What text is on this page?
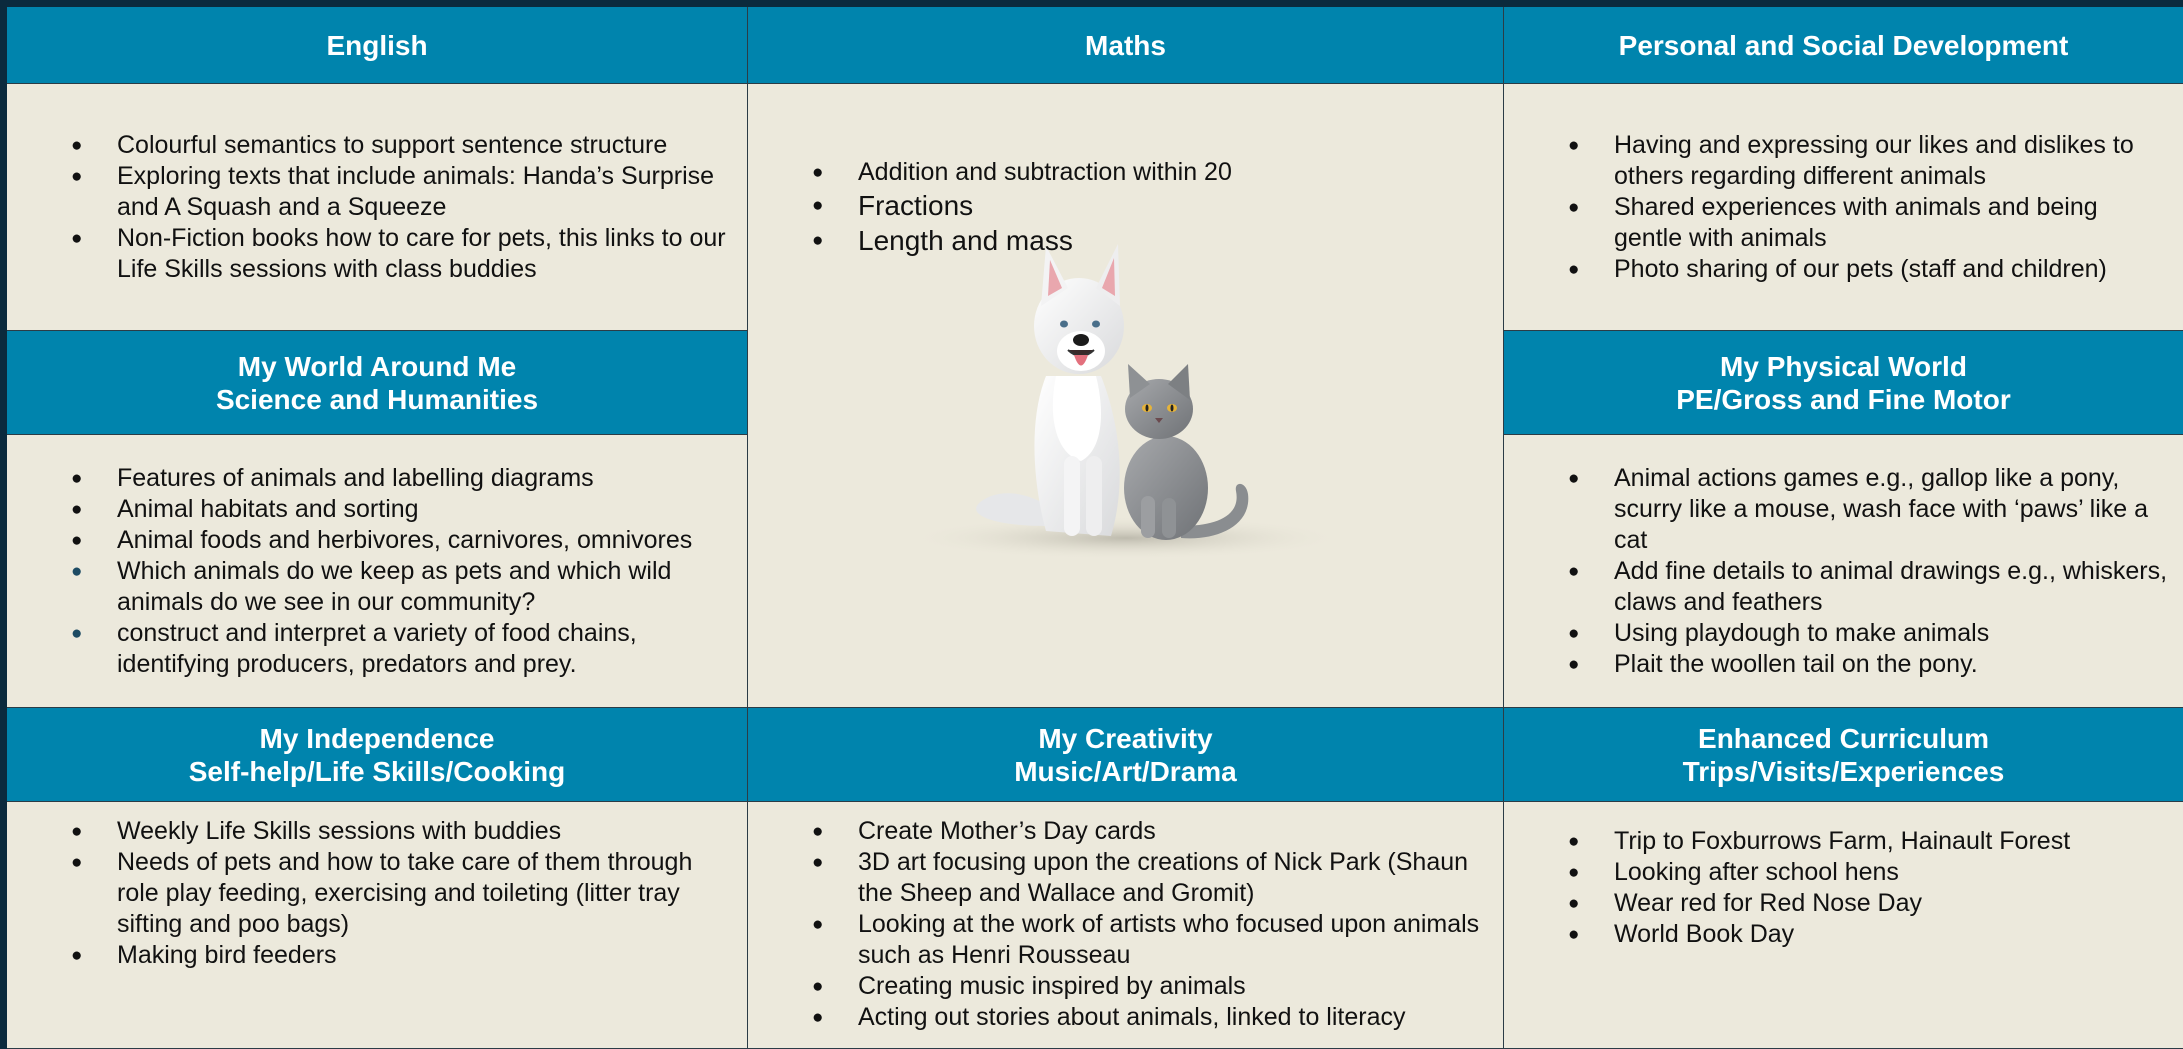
English	Maths	Personal and Social Development
● Colourful semantics to support sentence structure
● Exploring texts that include animals: Handa’s Surprise and A Squash and a Squeeze
● Non-Fiction books how to care for pets, this links to our Life Skills sessions with class buddies
● Addition and subtraction within 20
● Fractions
● Length and mass
● Having and expressing our likes and dislikes to others regarding different animals
● Shared experiences with animals and being gentle with animals
● Photo sharing of our pets (staff and children)
My World Around Me
Science and Humanities
My Physical World
PE/Gross and Fine Motor
● Features of animals and labelling diagrams
● Animal habitats and sorting
● Animal foods and herbivores, carnivores, omnivores
● Which animals do we keep as pets and which wild animals do we see in our community?
● construct and interpret a variety of food chains, identifying producers, predators and prey.
● Animal actions games e.g., gallop like a pony, scurry like a mouse, wash face with ‘paws’ like a cat
● Add fine details to animal drawings e.g., whiskers, claws and feathers
● Using playdough to make animals
● Plait the woollen tail on the pony.
My Independence
Self-help/Life Skills/Cooking
My Creativity
Music/Art/Drama
Enhanced Curriculum
Trips/Visits/Experiences
● Weekly Life Skills sessions with buddies
● Needs of pets and how to take care of them through role play feeding, exercising and toileting (litter tray sifting and poo bags)
● Making bird feeders
● Create Mother’s Day cards
● 3D art focusing upon the creations of Nick Park (Shaun the Sheep and Wallace and Gromit)
● Looking at the work of artists who focused upon animals such as Henri Rousseau
● Creating music inspired by animals
● Acting out stories about animals, linked to literacy
● Trip to Foxburrows Farm, Hainault Forest
● Looking after school hens
● Wear red for Red Nose Day
● World Book Day
